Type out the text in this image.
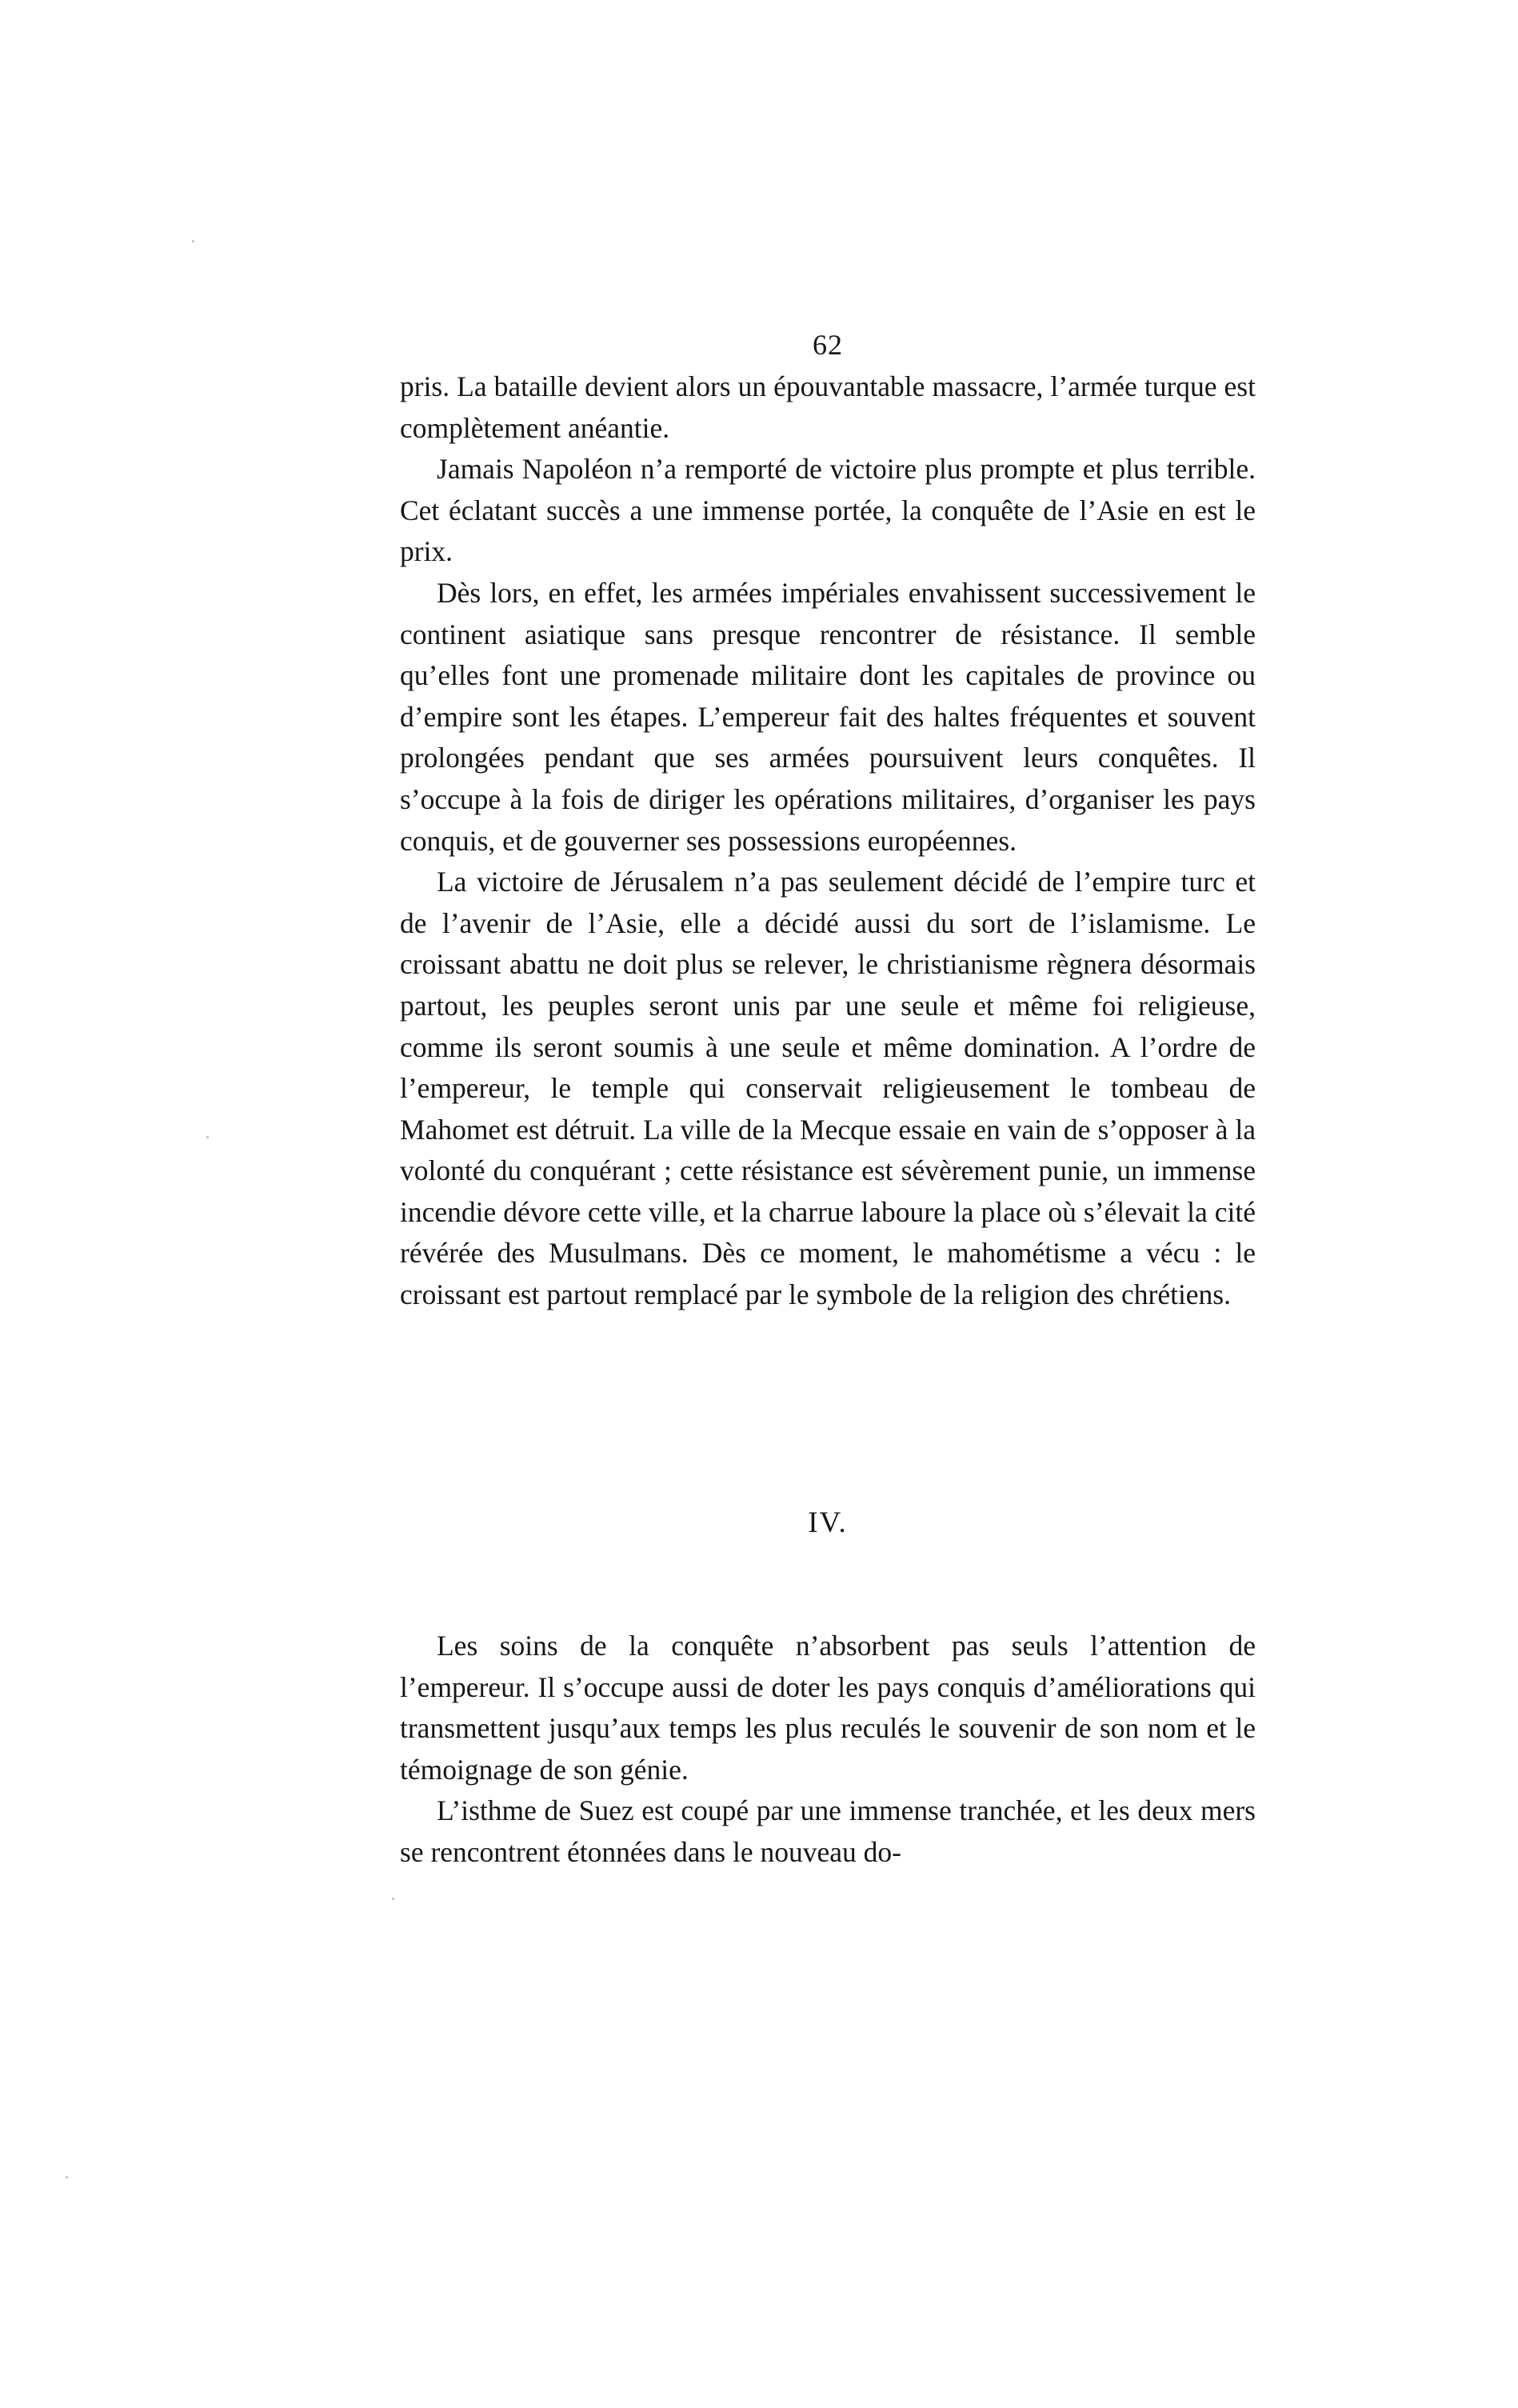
62

pris. La bataille devient alors un épouvantable massacre, l’armée turque est complètement anéantie.

Jamais Napoléon n’a remporté de victoire plus prompte et plus terrible. Cet éclatant succès a une immense portée, la conquête de l’Asie en est le prix.

Dès lors, en effet, les armées impériales envahissent successivement le continent asiatique sans presque rencontrer de résistance. Il semble qu’elles font une promenade militaire dont les capitales de province ou d’empire sont les étapes. L’empereur fait des haltes fréquentes et souvent prolongées pendant que ses armées poursuivent leurs conquêtes. Il s’occupe à la fois de diriger les opérations militaires, d’organiser les pays conquis, et de gouverner ses possessions européennes.

La victoire de Jérusalem n’a pas seulement décidé de l’empire turc et de l’avenir de l’Asie, elle a décidé aussi du sort de l’islamisme. Le croissant abattu ne doit plus se relever, le christianisme règnera désormais partout, les peuples seront unis par une seule et même foi religieuse, comme ils seront soumis à une seule et même domination. A l’ordre de l’empereur, le temple qui conservait religieusement le tombeau de Mahomet est détruit. La ville de la Mecque essaie en vain de s’opposer à la volonté du conquérant ; cette résistance est sévèrement punie, un immense incendie dévore cette ville, et la charrue laboure la place où s’élevait la cité révérée des Musulmans. Dès ce moment, le mahométisme a vécu : le croissant est partout remplacé par le symbole de la religion des chrétiens.

IV.

Les soins de la conquête n’absorbent pas seuls l’attention de l’empereur. Il s’occupe aussi de doter les pays conquis d’améliorations qui transmettent jusqu’aux temps les plus reculés le souvenir de son nom et le témoignage de son génie.

L’isthme de Suez est coupé par une immense tranchée, et les deux mers se rencontrent étonnées dans le nouveau do-
